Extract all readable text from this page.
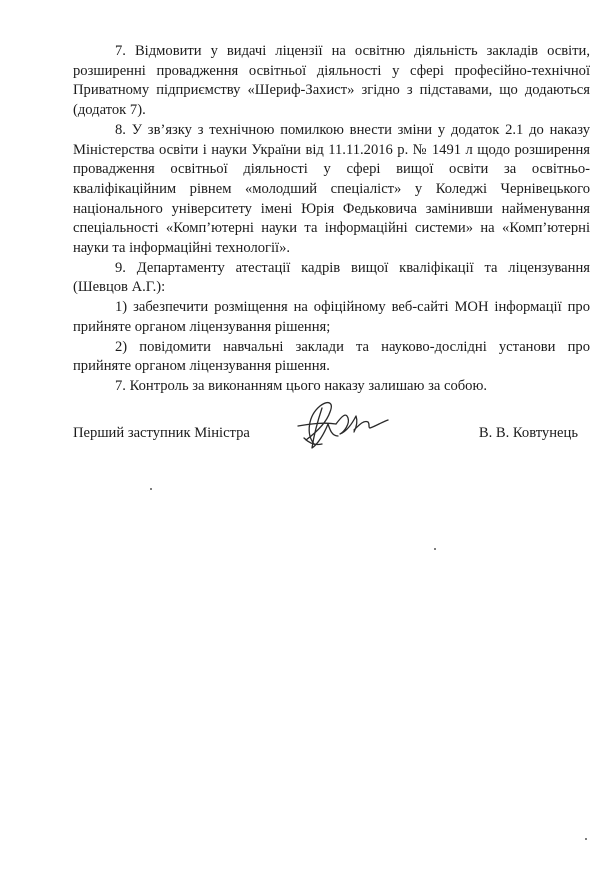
7. Відмовити у видачі ліцензії на освітню діяльність закладів освіти, розширенні провадження освітньої діяльності у сфері професійно-технічної Приватному підприємству «Шериф-Захист» згідно з підставами, що додаються (додаток 7).

8. У зв’язку з технічною помилкою внести зміни у додаток 2.1 до наказу Міністерства освіти і науки України від 11.11.2016 р. № 1491 л щодо розширення провадження освітньої діяльності у сфері вищої освіти за освітньо-кваліфікаційним рівнем «молодший спеціаліст» у Коледжі Чернівецького національного університету імені Юрія Федьковича замінивши найменування спеціальності «Комп’ютерні науки та інформаційні системи» на «Комп’ютерні науки та інформаційні технології».

9. Департаменту атестації кадрів вищої кваліфікації та ліцензування (Шевцов А.Г.):

1) забезпечити розміщення на офіційному веб-сайті МОН інформації про прийняте органом ліцензування рішення;

2) повідомити навчальні заклади та науково-дослідні установи про прийняте органом ліцензування рішення.

7. Контроль за виконанням цього наказу залишаю за собою.

Перший заступник Міністра	В. В. Ковтунець
